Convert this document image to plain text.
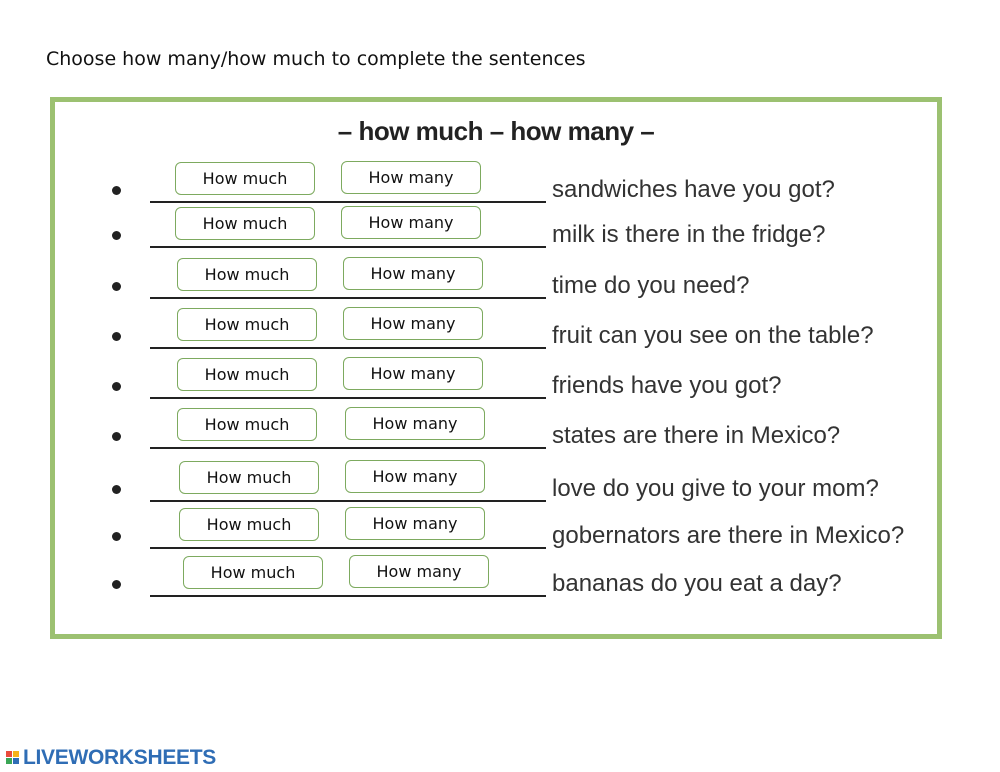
Choose how many/how much to complete the sentences
– how much – how many –
How much	How many	sandwiches have you got?
How much	How many	milk is there in the fridge?
How much	How many	time do you need?
How much	How many	fruit can you see on the table?
How much	How many	friends have you got?
How much	How many	states are there in Mexico?
How much	How many	love do you give to your mom?
How much	How many	gobernators are there in Mexico?
How much	How many	bananas do you eat a day?
LIVEWORKSHEETS
